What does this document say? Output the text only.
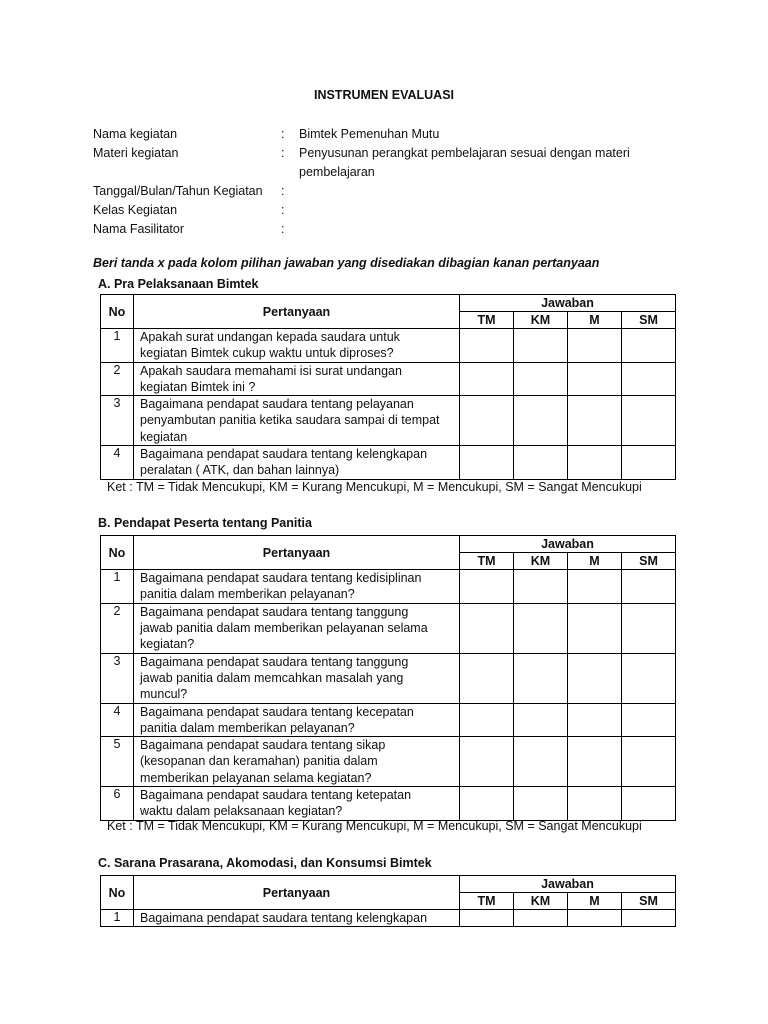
INSTRUMEN EVALUASI
Nama kegiatan	:	Bimtek Pemenuhan Mutu
Materi kegiatan	:	Penyusunan perangkat pembelajaran sesuai dengan materi
pembelajaran
Tanggal/Bulan/Tahun Kegiatan	:
Kelas Kegiatan	:
Nama Fasilitator	:
Beri tanda x pada kolom pilihan jawaban yang disediakan dibagian kanan pertanyaan
A. Pra Pelaksanaan Bimtek
No	Pertanyaan	Jawaban			
		TM	KM	M	SM
1	Apakah surat undangan kepada saudara untuk
kegiatan Bimtek cukup waktu untuk diproses?				
2	Apakah saudara memahami isi surat undangan
kegiatan Bimtek ini ?				
3	Bagaimana pendapat saudara tentang pelayanan
penyambutan panitia ketika saudara sampai di tempat
kegiatan				
4	Bagaimana pendapat saudara tentang kelengkapan
peralatan ( ATK, dan bahan lainnya)				
Ket : TM = Tidak Mencukupi, KM = Kurang Mencukupi, M = Mencukupi, SM = Sangat Mencukupi
B. Pendapat Peserta tentang Panitia
No	Pertanyaan	Jawaban			
		TM	KM	M	SM
1	Bagaimana pendapat saudara tentang kedisiplinan
panitia dalam memberikan pelayanan?				
2	Bagaimana pendapat saudara tentang tanggung
jawab panitia dalam memberikan pelayanan selama
kegiatan?				
3	Bagaimana pendapat saudara tentang tanggung
jawab panitia dalam memcahkan masalah yang
muncul?				
4	Bagaimana pendapat saudara tentang kecepatan
panitia dalam memberikan pelayanan?				
5	Bagaimana pendapat saudara tentang sikap
(kesopanan dan keramahan) panitia dalam
memberikan pelayanan selama kegiatan?				
6	Bagaimana pendapat saudara tentang ketepatan
waktu dalam pelaksanaan kegiatan?				
Ket : TM = Tidak Mencukupi, KM = Kurang Mencukupi, M = Mencukupi, SM = Sangat Mencukupi
C. Sarana Prasarana, Akomodasi, dan Konsumsi Bimtek
No	Pertanyaan	Jawaban			
		TM	KM	M	SM
1	Bagaimana pendapat saudara tentang kelengkapan				
